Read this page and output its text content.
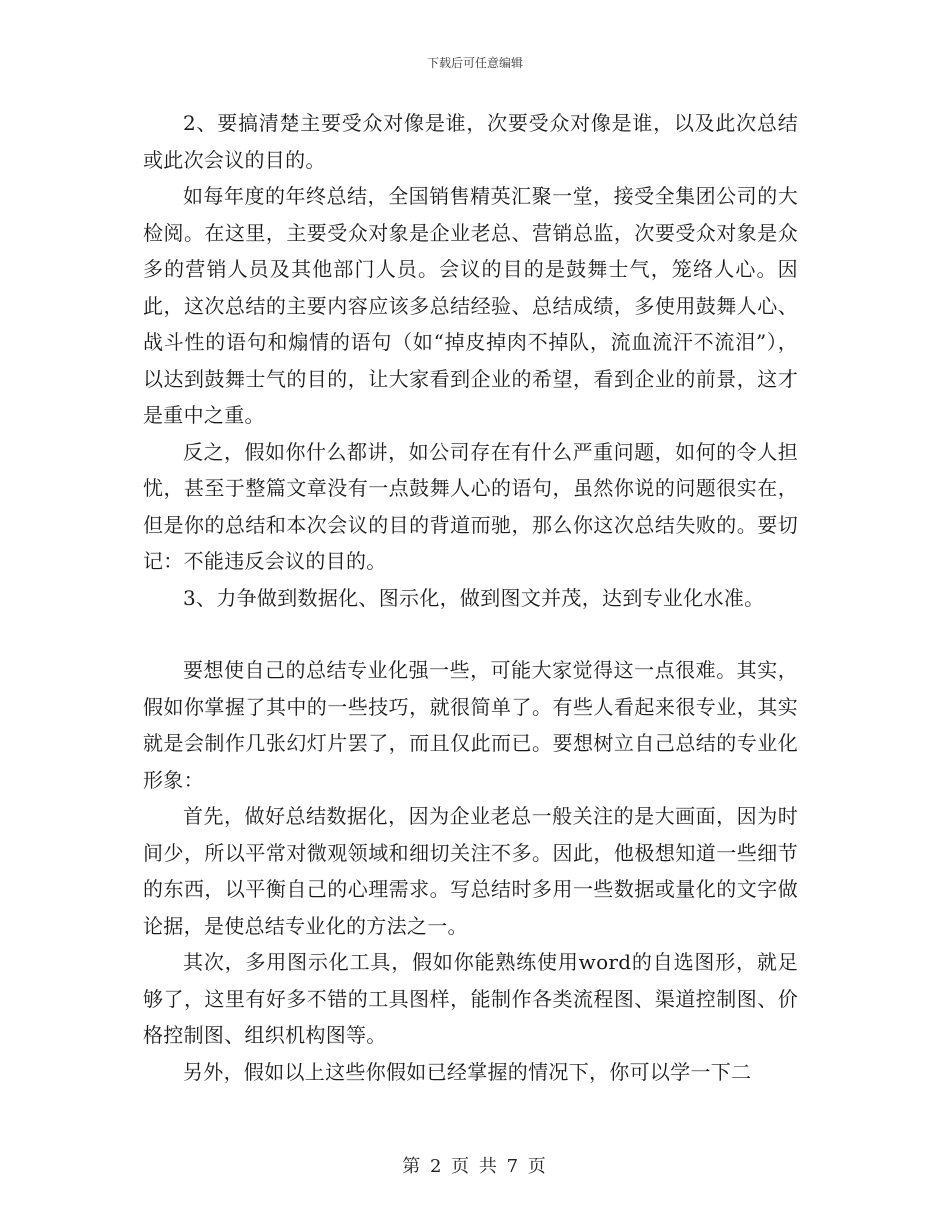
下载后可任意编辑

2、要搞清楚主要受众对像是谁，次要受众对像是谁，以及此次总结或此次会议的目的。

如每年度的年终总结，全国销售精英汇聚一堂，接受全集团公司的大检阅。在这里，主要受众对象是企业老总、营销总监，次要受众对象是众多的营销人员及其他部门人员。会议的目的是鼓舞士气，笼络人心。因此，这次总结的主要内容应该多总结经验、总结成绩，多使用鼓舞人心、战斗性的语句和煽情的语句（如“掉皮掉肉不掉队，流血流汗不流泪”），以达到鼓舞士气的目的，让大家看到企业的希望，看到企业的前景，这才是重中之重。

反之，假如你什么都讲，如公司存在有什么严重问题，如何的令人担忧，甚至于整篇文章没有一点鼓舞人心的语句，虽然你说的问题很实在，但是你的总结和本次会议的目的背道而驰，那么你这次总结失败的。要切记：不能违反会议的目的。

3、力争做到数据化、图示化，做到图文并茂，达到专业化水准。

要想使自己的总结专业化强一些，可能大家觉得这一点很难。其实，假如你掌握了其中的一些技巧，就很简单了。有些人看起来很专业，其实就是会制作几张幻灯片罢了，而且仅此而已。要想树立自己总结的专业化形象：

首先，做好总结数据化，因为企业老总一般关注的是大画面，因为时间少，所以平常对微观领域和细切关注不多。因此，他极想知道一些细节的东西，以平衡自己的心理需求。写总结时多用一些数据或量化的文字做论据，是使总结专业化的方法之一。

其次，多用图示化工具，假如你能熟练使用word的自选图形，就足够了，这里有好多不错的工具图样，能制作各类流程图、渠道控制图、价格控制图、组织机构图等。

另外，假如以上这些你假如已经掌握的情况下，你可以学一下二

第 2 页 共 7 页
